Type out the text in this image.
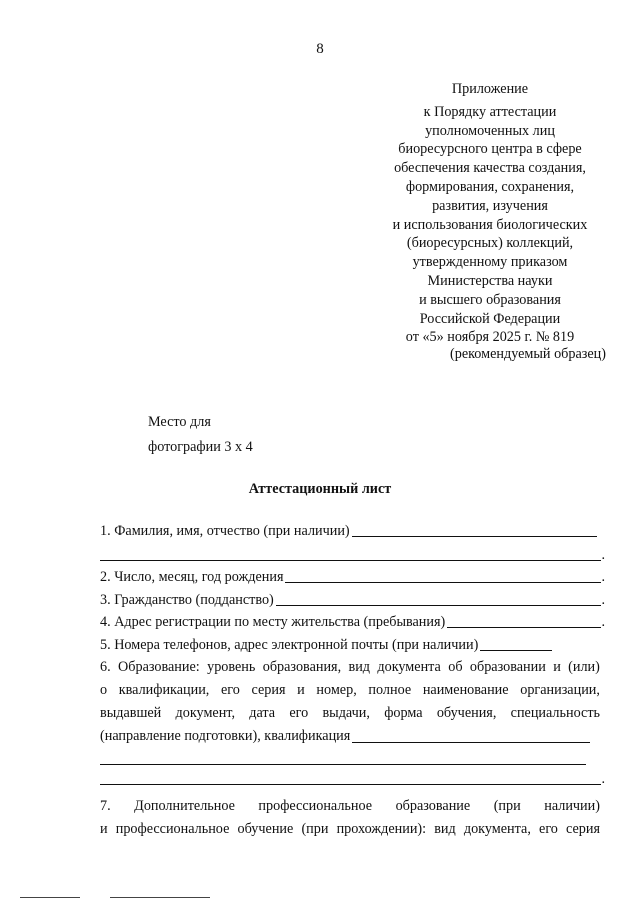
8
Приложение
к Порядку аттестации
уполномоченных лиц
биоресурсного центра в сфере
обеспечения качества создания,
формирования, сохранения,
развития, изучения
и использования биологических
(биоресурсных) коллекций,
утвержденному приказом
Министерства науки
и высшего образования
Российской Федерации
от «5» ноября 2025 г. № 819
(рекомендуемый образец)
Место для
фотографии 3 х 4
Аттестационный лист
1. Фамилия, имя, отчество (при наличии)
.
2. Число, месяц, год рождения	.
3. Гражданство (подданство)	.
4. Адрес регистрации по месту жительства (пребывания)	.
5. Номера телефонов, адрес электронной почты (при наличии)
6. Образование: уровень образования, вид документа об образовании и (или)
о квалификации, его серия и номер, полное наименование организации,
выдавшей документ, дата его выдачи, форма обучения, специальность
(направление подготовки), квалификация
.
7. Дополнительное профессиональное образование (при наличии)
и профессиональное обучение (при прохождении): вид документа, его серия
